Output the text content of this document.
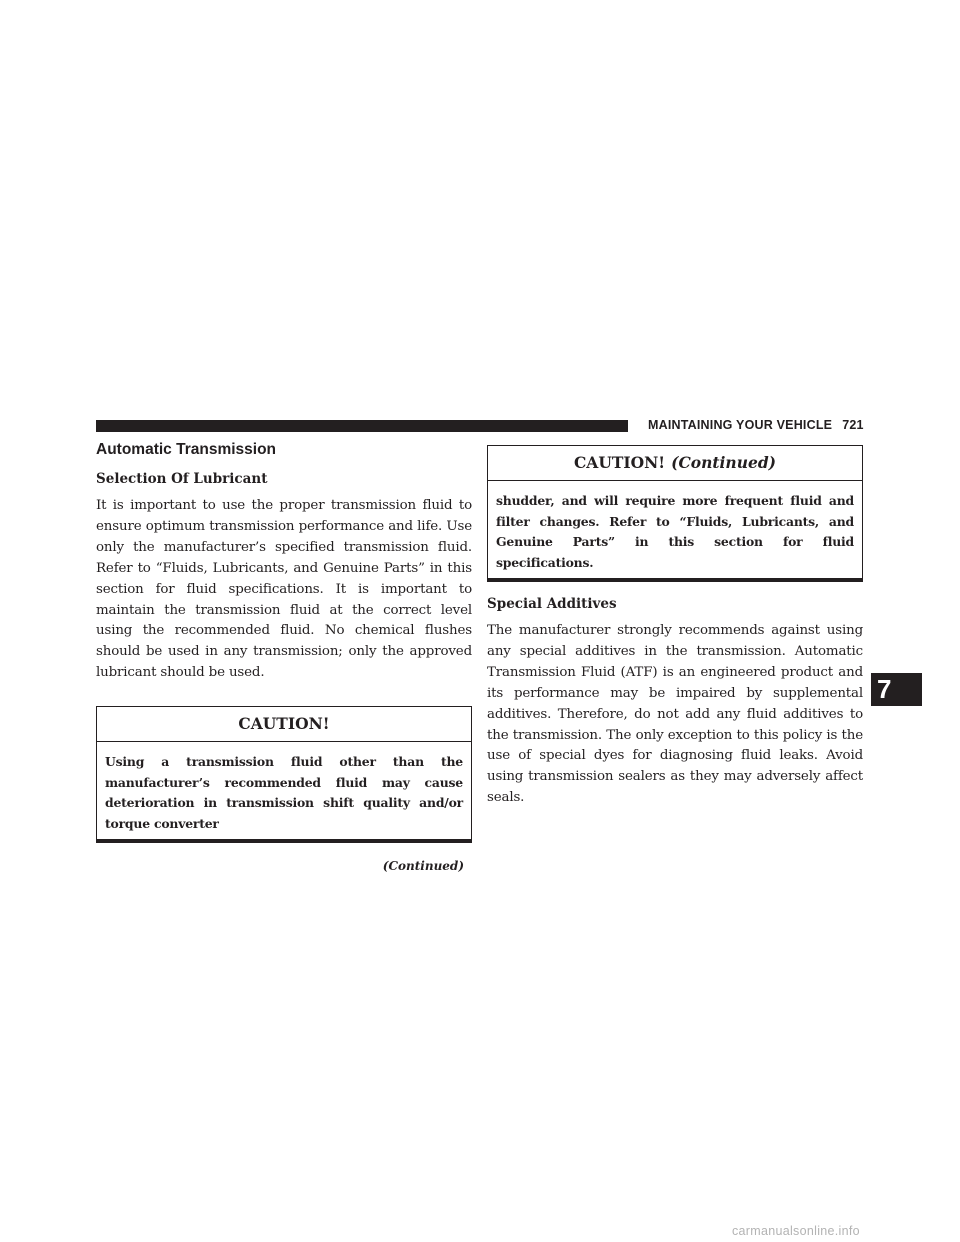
MAINTAINING YOUR VEHICLE 721
Automatic Transmission
Selection Of Lubricant

It is important to use the proper transmission fluid to ensure optimum transmission performance and life. Use only the manufacturer’s specified transmission fluid. Refer to “Fluids, Lubricants, and Genuine Parts” in this section for fluid specifications. It is important to maintain the transmission fluid at the correct level using the recommended fluid. No chemical flushes should be used in any transmission; only the approved lubricant should be used.

CAUTION!
Using a transmission fluid other than the manufacturer’s recommended fluid may cause deterioration in transmission shift quality and/or torque converter
(Continued)
CAUTION! (Continued)
shudder, and will require more frequent fluid and filter changes. Refer to “Fluids, Lubricants, and Genuine Parts” in this section for fluid specifications.
Special Additives

The manufacturer strongly recommends against using any special additives in the transmission. Automatic Transmission Fluid (ATF) is an engineered product and its performance may be impaired by supplemental additives. Therefore, do not add any fluid additives to the transmission. The only exception to this policy is the use of special dyes for diagnosing fluid leaks. Avoid using transmission sealers as they may adversely affect seals.

7
carmanualsonline.info
